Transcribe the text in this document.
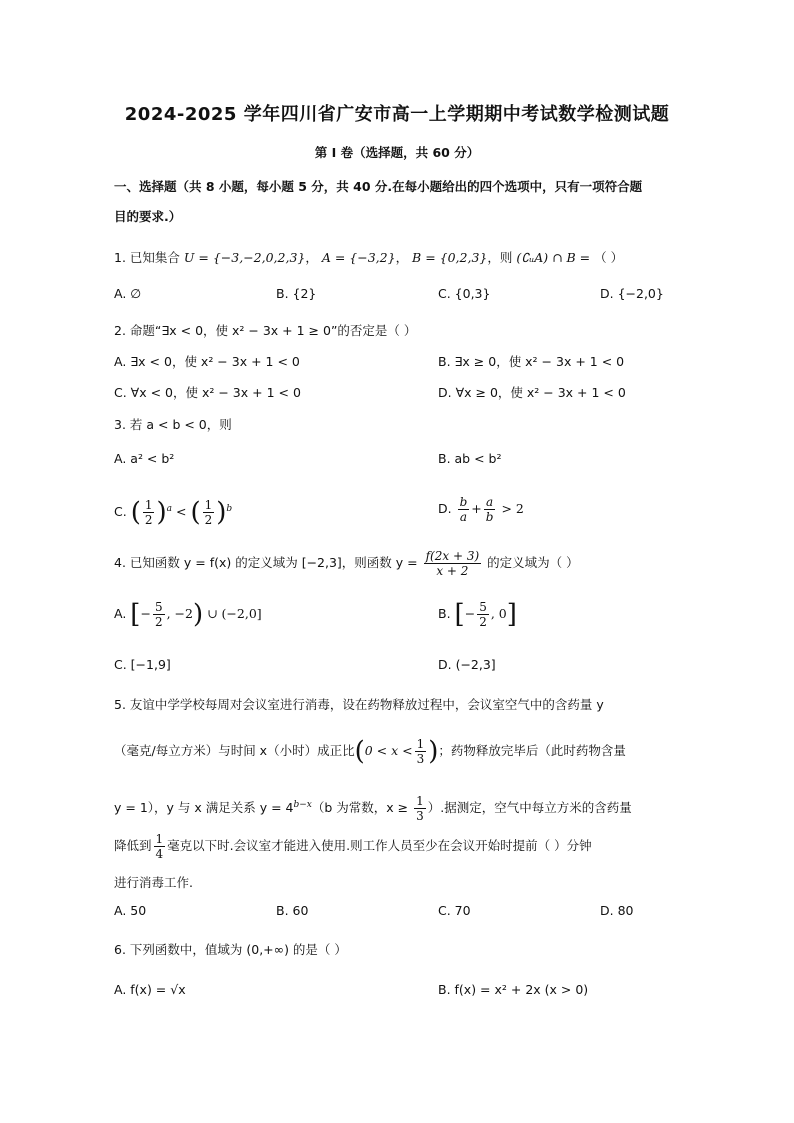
2024-2025 学年四川省广安市高一上学期期中考试数学检测试题
第 I 卷（选择题，共 60 分）
一、选择题（共 8 小题，每小题 5 分，共 40 分.在每小题给出的四个选项中，只有一项符合题
目的要求.）
1. 已知集合 U = {−3,−2,0,2,3}， A = {−3,2}， B = {0,2,3}，则 (∁ᵤA) ∩ B = （ ）
A. ∅	B. {2}	C. {0,3}	D. {−2,0}
2. 命题“∃x < 0，使 x² − 3x + 1 ≥ 0”的否定是（ ）
A. ∃x < 0，使 x² − 3x + 1 < 0	B. ∃x ≥ 0，使 x² − 3x + 1 < 0
C. ∀x < 0，使 x² − 3x + 1 < 0	D. ∀x ≥ 0，使 x² − 3x + 1 < 0
3. 若 a < b < 0，则
A. a² < b²	B. ab < b²
C. ( $\frac{1}{2} )^a$ < ( $\frac{1}{2} )^b$	D. $\frac{b}{a} + \frac{a}{b} > 2$
4. 已知函数 y = f(x) 的定义域为 [−2,3]，则函数 $y = \frac{f(2x + 3)}{x + 2}$ 的定义域为（ ）
A. [− $\frac{5}{2}$ , −2) ∪ (−2,0]	B. [− $\frac{5}{2}$ , 0]
C. [−1,9]	D. (−2,3]
5. 友谊中学学校每周对会议室进行消毒，设在药物释放过程中，会议室空气中的含药量 y
（毫克/每立方米）与时间 x（小时）成正比($0 < x < \frac{1}{3}$ )；药物释放完毕后（此时药物含量
y = 1），y 与 x 满足关系 $y = 4^{b-x}(b$ 为常数，$x \ge \frac{1}{3}$ ）.据测定，空气中每立方米的含药量
降低到 $\frac{1}{4}$ 毫克以下时.会议室才能进入使用.则工作人员至少在会议开始时提前（ ）分钟
进行消毒工作.
A. 50	B. 60	C. 70	D. 80
6. 下列函数中，值域为 (0,+∞) 的是（ ）
A. f(x) = √x	B. f(x) = x² + 2x (x > 0)
